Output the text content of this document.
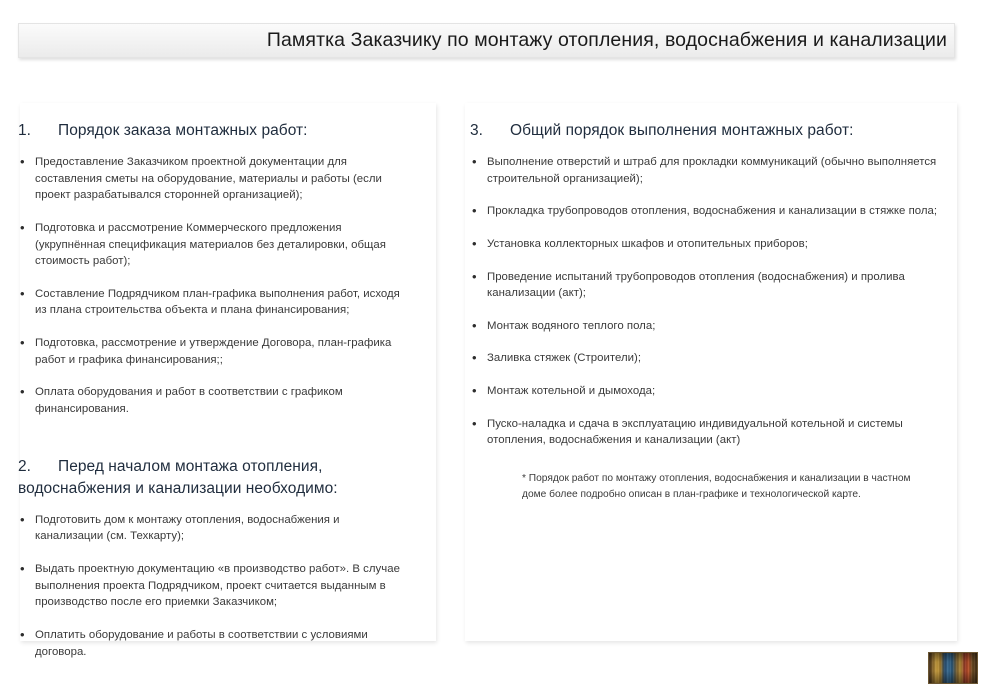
Памятка Заказчику по монтажу отопления, водоснабжения и канализации
1. Порядок заказа монтажных работ:
• Предоставление Заказчиком проектной документации для составления сметы на оборудование, материалы и работы (если проект разрабатывался сторонней организацией);
• Подготовка и рассмотрение Коммерческого предложения (укрупнённая спецификация материалов без деталировки, общая стоимость работ);
• Составление Подрядчиком план-графика выполнения работ, исходя из плана строительства объекта и плана финансирования;
• Подготовка, рассмотрение и утверждение Договора, план-графика работ и графика финансирования;;
• Оплата оборудования и работ в соответствии с графиком финансирования.
2. Перед началом монтажа отопления, водоснабжения и канализации необходимо:
• Подготовить дом к монтажу отопления, водоснабжения и канализации (см. Техкарту);
• Выдать проектную документацию «в производство работ». В случае выполнения проекта Подрядчиком, проект считается выданным в производство после его приемки Заказчиком;
• Оплатить оборудование и работы в соответствии с условиями договора.
3. Общий порядок выполнения монтажных работ:
• Выполнение отверстий и штраб для прокладки коммуникаций (обычно выполняется строительной организацией);
• Прокладка трубопроводов отопления, водоснабжения и канализации в стяжке пола;
• Установка коллекторных шкафов и отопительных приборов;
• Проведение испытаний трубопроводов отопления (водоснабжения) и пролива канализации (акт);
• Монтаж водяного теплого пола;
• Заливка стяжек (Строители);
• Монтаж котельной и дымохода;
• Пуско-наладка и сдача в эксплуатацию индивидуальной котельной и системы отопления, водоснабжения и канализации (акт)
* Порядок работ по монтажу отопления, водоснабжения и канализации в частном доме более подробно описан в план-графике и технологической карте.
